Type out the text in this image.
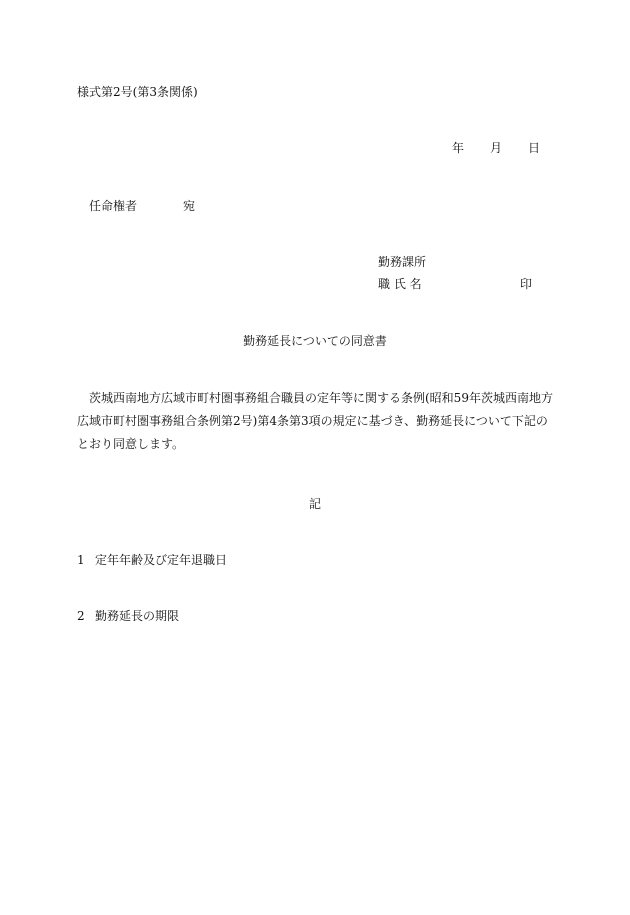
様式第2号(第3条関係)
年 月 日
任命権者	宛
勤務課所
職 氏 名	印
勤務延長についての同意書
茨城西南地方広域市町村圏事務組合職員の定年等に関する条例(昭和59年茨城西南地方広域市町村圏事務組合条例第2号)第4条第3項の規定に基づき、勤務延長について下記のとおり同意します。
記
1 定年年齢及び定年退職日
2 勤務延長の期限
